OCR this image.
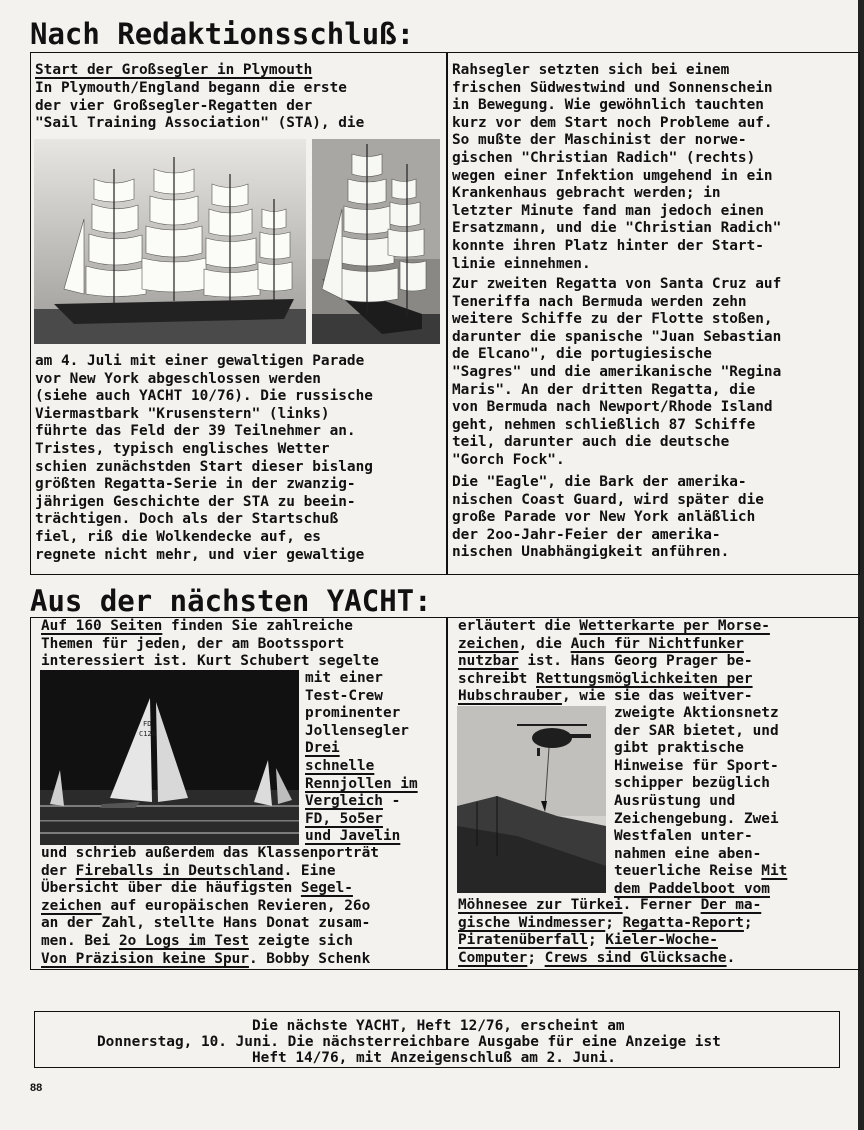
Nach Redaktionsschluß:
Start der Großsegler in Plymouth
In Plymouth/England begann die erste
der vier Großsegler-Regatten der
"Sail Training Association" (STA), die
am 4. Juli mit einer gewaltigen Parade
vor New York abgeschlossen werden
(siehe auch YACHT 10/76). Die russische
Viermastbark "Krusenstern" (links)
führte das Feld der 39 Teilnehmer an.
Tristes, typisch englisches Wetter
schien zunächstden Start dieser bislang
größten Regatta-Serie in der zwanzig-
jährigen Geschichte der STA zu beein-
trächtigen. Doch als der Startschuß
fiel, riß die Wolkendecke auf, es
regnete nicht mehr, und vier gewaltige
Rahsegler setzten sich bei einem
frischen Südwestwind und Sonnenschein
in Bewegung. Wie gewöhnlich tauchten
kurz vor dem Start noch Probleme auf.
So mußte der Maschinist der norwe-
gischen "Christian Radich" (rechts)
wegen einer Infektion umgehend in ein
Krankenhaus gebracht werden; in
letzter Minute fand man jedoch einen
Ersatzmann, und die "Christian Radich"
konnte ihren Platz hinter der Start-
linie einnehmen.
Zur zweiten Regatta von Santa Cruz auf
Teneriffa nach Bermuda werden zehn
weitere Schiffe zu der Flotte stoßen,
darunter die spanische "Juan Sebastian
de Elcano", die portugiesische
"Sagres" und die amerikanische "Regina
Maris". An der dritten Regatta, die
von Bermuda nach Newport/Rhode Island
geht, nehmen schließlich 87 Schiffe
teil, darunter auch die deutsche
"Gorch Fock".
Die "Eagle", die Bark der amerika-
nischen Coast Guard, wird später die
große Parade vor New York anläßlich
der 2oo-Jahr-Feier der amerika-
nischen Unabhängigkeit anführen.
Aus der nächsten YACHT:
Auf 160 Seiten finden Sie zahlreiche
Themen für jeden, der am Bootssport
interessiert ist. Kurt Schubert segelte
FD
C126
mit einer
Test-Crew
prominenter
Jollensegler
Drei
schnelle
Rennjollen im
Vergleich -
FD, 5o5er
und Javelin
und schrieb außerdem das Klassenporträt
der Fireballs in Deutschland. Eine
Übersicht über die häufigsten Segel-
zeichen auf europäischen Revieren, 26o
an der Zahl, stellte Hans Donat zusam-
men. Bei 2o Logs im Test zeigte sich
Von Präzision keine Spur. Bobby Schenk
erläutert die Wetterkarte per Morse-
zeichen, die Auch für Nichtfunker
nutzbar ist. Hans Georg Prager be-
schreibt Rettungsmöglichkeiten per
Hubschrauber, wie sie das weitver-
zweigte Aktionsnetz
der SAR bietet, und
gibt praktische
Hinweise für Sport-
schipper bezüglich
Ausrüstung und
Zeichengebung. Zwei
Westfalen unter-
nahmen eine aben-
teuerliche Reise Mit
dem Paddelboot vom
Möhnesee zur Türkei. Ferner Der ma-
gische Windmesser; Regatta-Report;
Piratenüberfall; Kieler-Woche-
Computer; Crews sind Glücksache.
Die nächste YACHT, Heft 12/76, erscheint am
Donnerstag, 10. Juni. Die nächsterreichbare Ausgabe für eine Anzeige ist
Heft 14/76, mit Anzeigenschluß am 2. Juni.
88
